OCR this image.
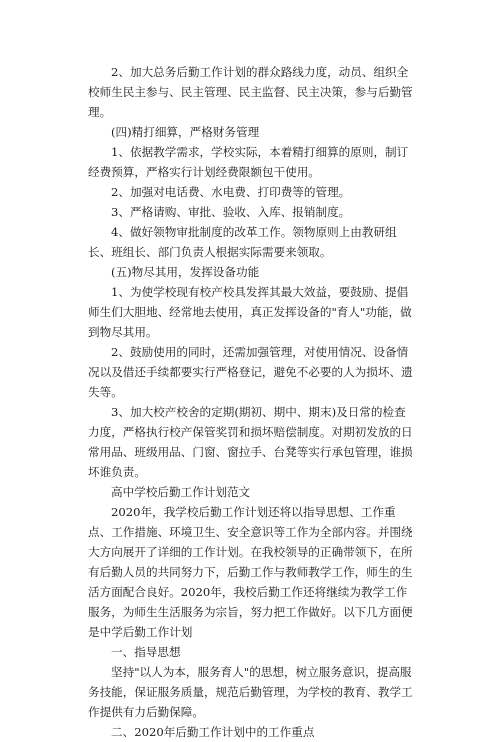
2、加大总务后勤工作计划的群众路线力度，动员、组织全校师生民主参与、民主管理、民主监督、民主决策，参与后勤管理。

(四)精打细算，严格财务管理

1、依据教学需求，学校实际，本着精打细算的原则，制订经费预算，严格实行计划经费限额包干使用。

2、加强对电话费、水电费、打印费等的管理。

3、严格请购、审批、验收、入库、报销制度。

4、做好领物审批制度的改革工作。领物原则上由教研组长、班组长、部门负责人根据实际需要来领取。

(五)物尽其用，发挥设备功能

1、为使学校现有校产校具发挥其最大效益，要鼓励、提倡师生们大胆地、经常地去使用，真正发挥设备的"育人"功能，做到物尽其用。

2、鼓励使用的同时，还需加强管理，对使用情况、设备情况以及借还手续都要实行严格登记，避免不必要的人为损坏、遗失等。

3、加大校产校舍的定期(期初、期中、期末)及日常的检查力度，严格执行校产保管奖罚和损坏赔偿制度。对期初发放的日常用品、班级用品、门窗、窗拉手、台凳等实行承包管理，谁损坏谁负责。

高中学校后勤工作计划范文

2020年，我学校后勤工作计划还将以指导思想、工作重点、工作措施、环境卫生、安全意识等工作为全部内容。并围绕大方向展开了详细的工作计划。在我校领导的正确带领下，在所有后勤人员的共同努力下，后勤工作与教师教学工作，师生的生活方面配合良好。2020年，我校后勤工作还将继续为教学工作服务，为师生生活服务为宗旨，努力把工作做好。以下几方面便是中学后勤工作计划

一、指导思想

坚持"以人为本，服务育人"的思想，树立服务意识，提高服务技能，保证服务质量，规范后勤管理，为学校的教育、教学工作提供有力后勤保障。

二、2020年后勤工作计划中的工作重点
